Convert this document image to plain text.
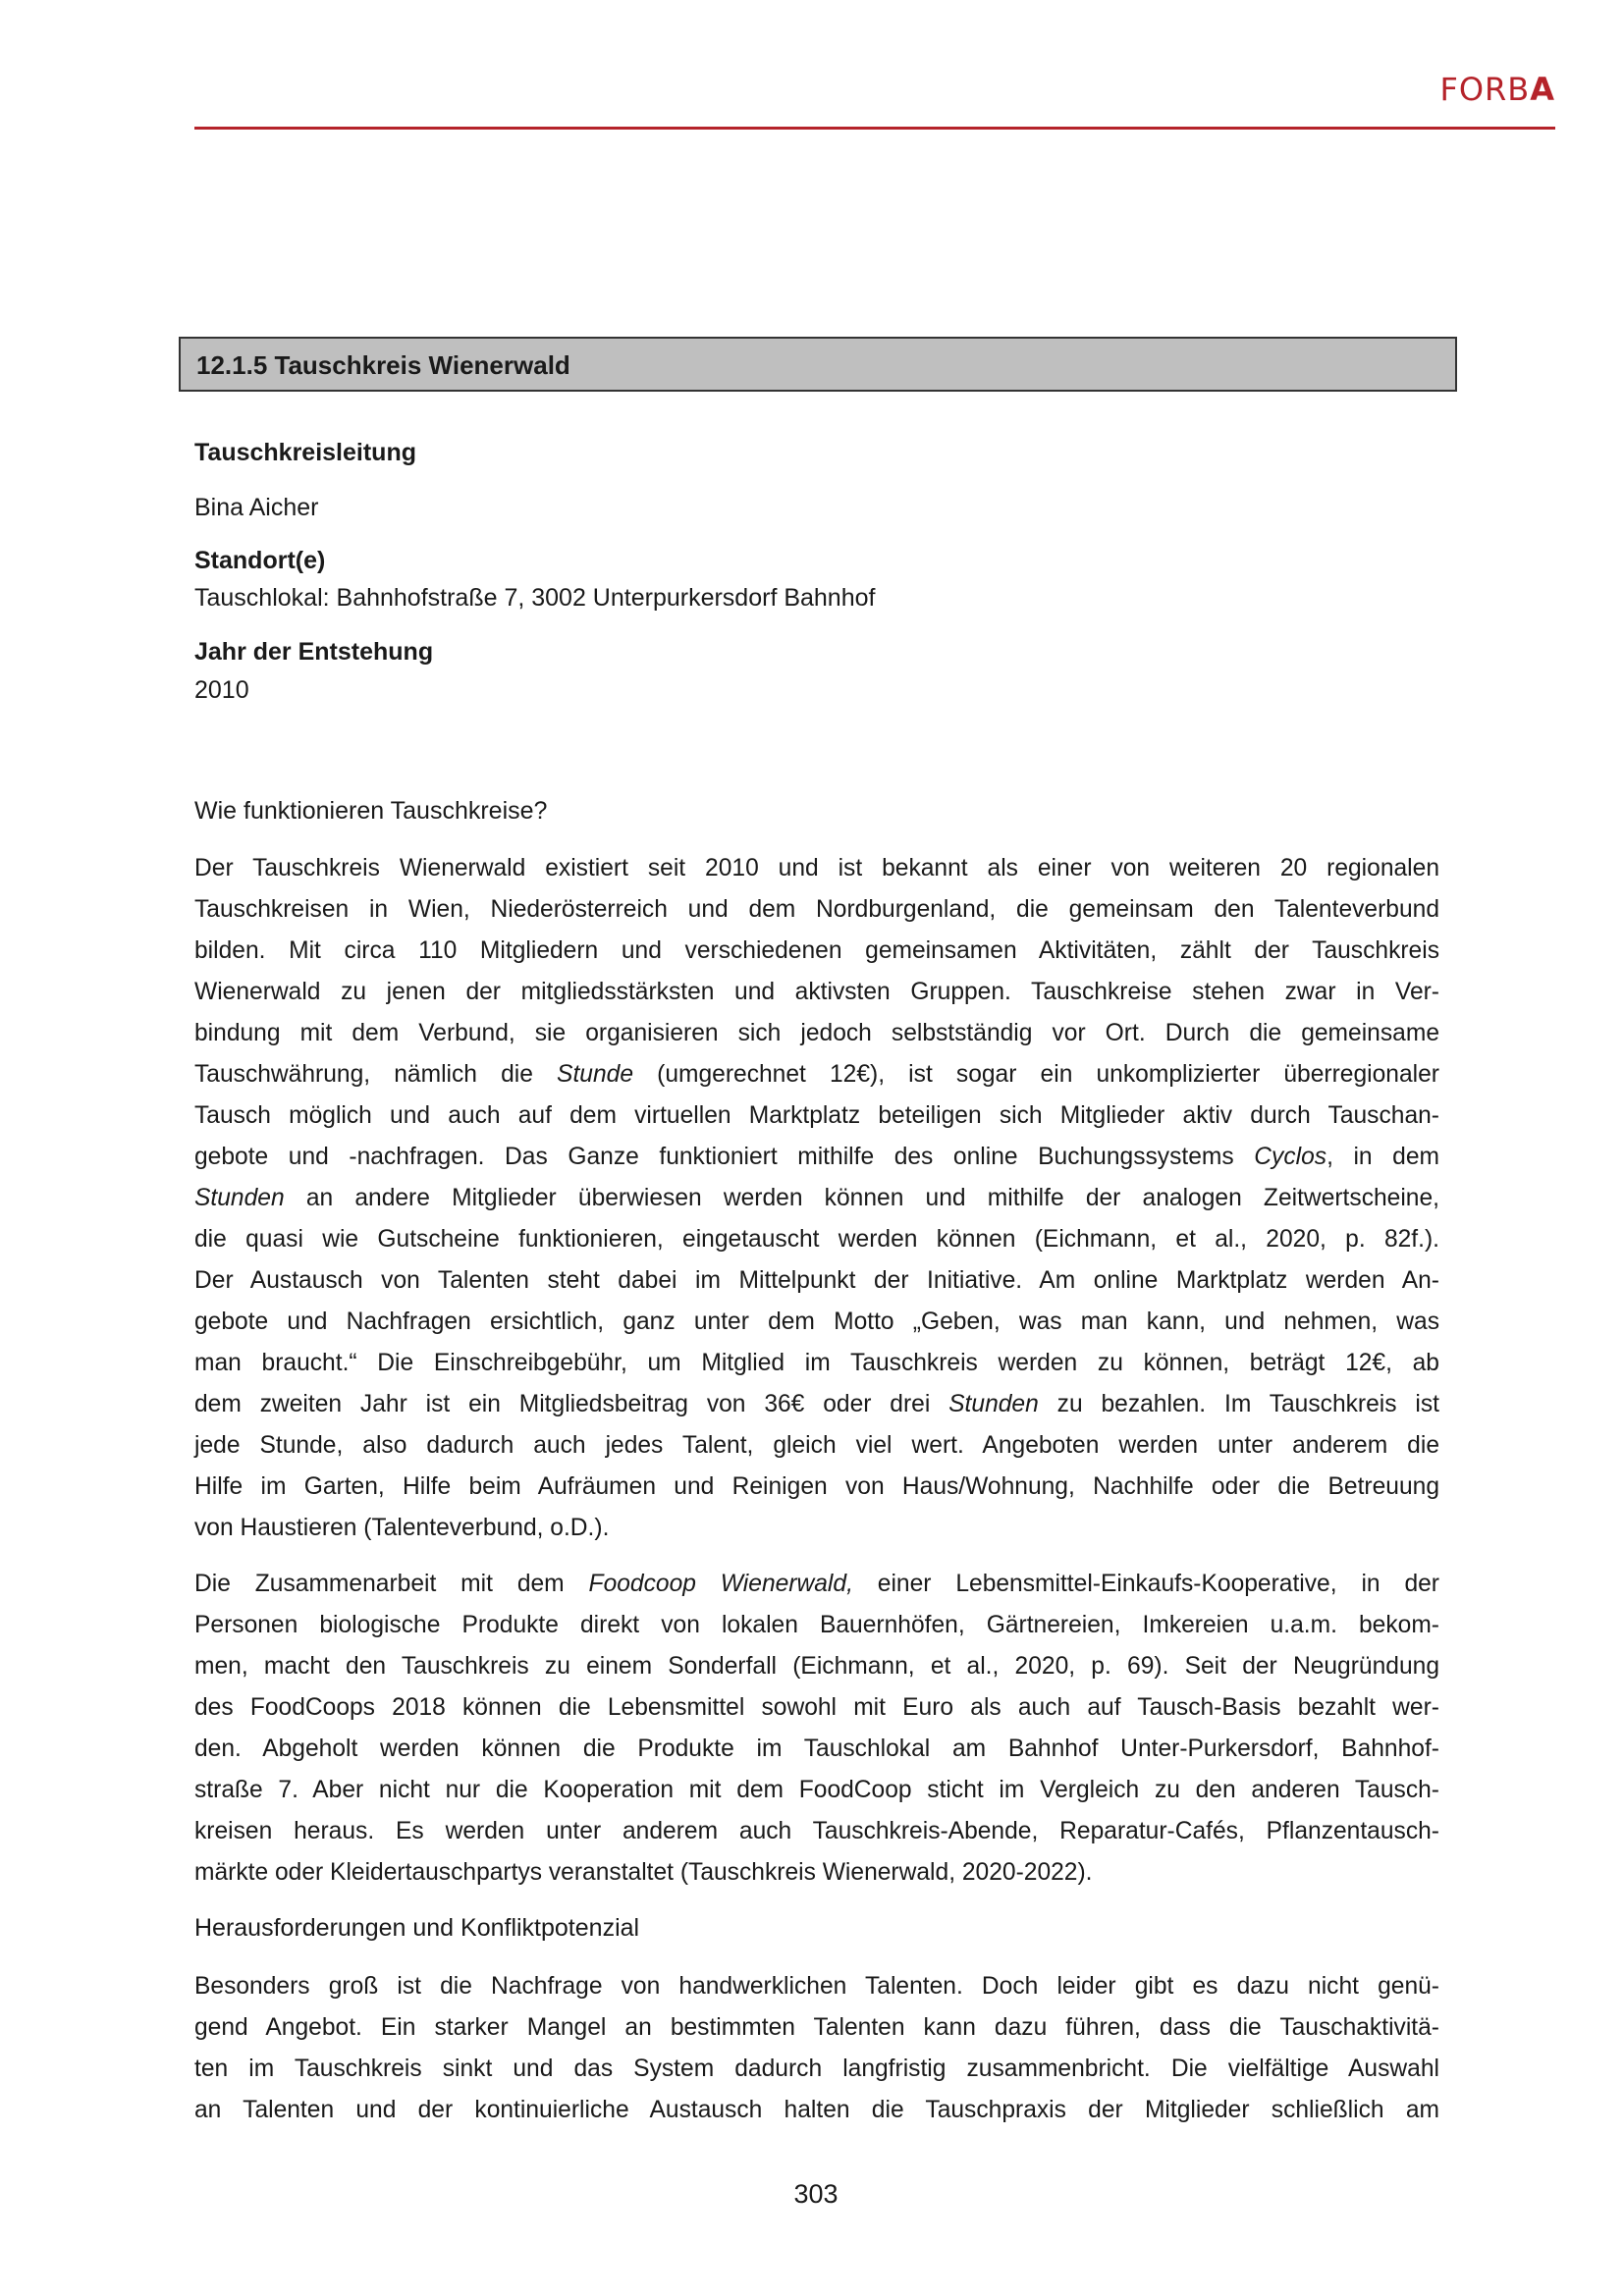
FORBA
12.1.5 Tauschkreis Wienerwald
Tauschkreisleitung
Bina Aicher
Standort(e)
Tauschlokal: Bahnhofstraße 7, 3002 Unterpurkersdorf Bahnhof
Jahr der Entstehung
2010
Wie funktionieren Tauschkreise?
Der Tauschkreis Wienerwald existiert seit 2010 und ist bekannt als einer von weiteren 20 regionalen
Tauschkreisen in Wien, Niederösterreich und dem Nordburgenland, die gemeinsam den Talenteverbund
bilden. Mit circa 110 Mitgliedern und verschiedenen gemeinsamen Aktivitäten, zählt der Tauschkreis
Wienerwald zu jenen der mitgliedsstärksten und aktivsten Gruppen. Tauschkreise stehen zwar in Ver-
bindung mit dem Verbund, sie organisieren sich jedoch selbstständig vor Ort. Durch die gemeinsame
Tauschwährung, nämlich die Stunde (umgerechnet 12€), ist sogar ein unkomplizierter überregionaler
Tausch möglich und auch auf dem virtuellen Marktplatz beteiligen sich Mitglieder aktiv durch Tauschan-
gebote und -nachfragen. Das Ganze funktioniert mithilfe des online Buchungssystems Cyclos, in dem
Stunden an andere Mitglieder überwiesen werden können und mithilfe der analogen Zeitwertscheine,
die quasi wie Gutscheine funktionieren, eingetauscht werden können (Eichmann, et al., 2020, p. 82f.).
Der Austausch von Talenten steht dabei im Mittelpunkt der Initiative. Am online Marktplatz werden An-
gebote und Nachfragen ersichtlich, ganz unter dem Motto „Geben, was man kann, und nehmen, was
man braucht.“ Die Einschreibgebühr, um Mitglied im Tauschkreis werden zu können, beträgt 12€, ab
dem zweiten Jahr ist ein Mitgliedsbeitrag von 36€ oder drei Stunden zu bezahlen. Im Tauschkreis ist
jede Stunde, also dadurch auch jedes Talent, gleich viel wert. Angeboten werden unter anderem die
Hilfe im Garten, Hilfe beim Aufräumen und Reinigen von Haus/Wohnung, Nachhilfe oder die Betreuung
von Haustieren (Talenteverbund, o.D.).
Die Zusammenarbeit mit dem Foodcoop Wienerwald, einer Lebensmittel-Einkaufs-Kooperative, in der
Personen biologische Produkte direkt von lokalen Bauernhöfen, Gärtnereien, Imkereien u.a.m. bekom-
men, macht den Tauschkreis zu einem Sonderfall (Eichmann, et al., 2020, p. 69). Seit der Neugründung
des FoodCoops 2018 können die Lebensmittel sowohl mit Euro als auch auf Tausch-Basis bezahlt wer-
den. Abgeholt werden können die Produkte im Tauschlokal am Bahnhof Unter-Purkersdorf, Bahnhof-
straße 7. Aber nicht nur die Kooperation mit dem FoodCoop sticht im Vergleich zu den anderen Tausch-
kreisen heraus. Es werden unter anderem auch Tauschkreis-Abende, Reparatur-Cafés, Pflanzentausch-
märkte oder Kleidertauschpartys veranstaltet (Tauschkreis Wienerwald, 2020-2022).
Herausforderungen und Konfliktpotenzial
Besonders groß ist die Nachfrage von handwerklichen Talenten. Doch leider gibt es dazu nicht genü-
gend Angebot. Ein starker Mangel an bestimmten Talenten kann dazu führen, dass die Tauschaktivitä-
ten im Tauschkreis sinkt und das System dadurch langfristig zusammenbricht. Die vielfältige Auswahl
an Talenten und der kontinuierliche Austausch halten die Tauschpraxis der Mitglieder schließlich am
303
